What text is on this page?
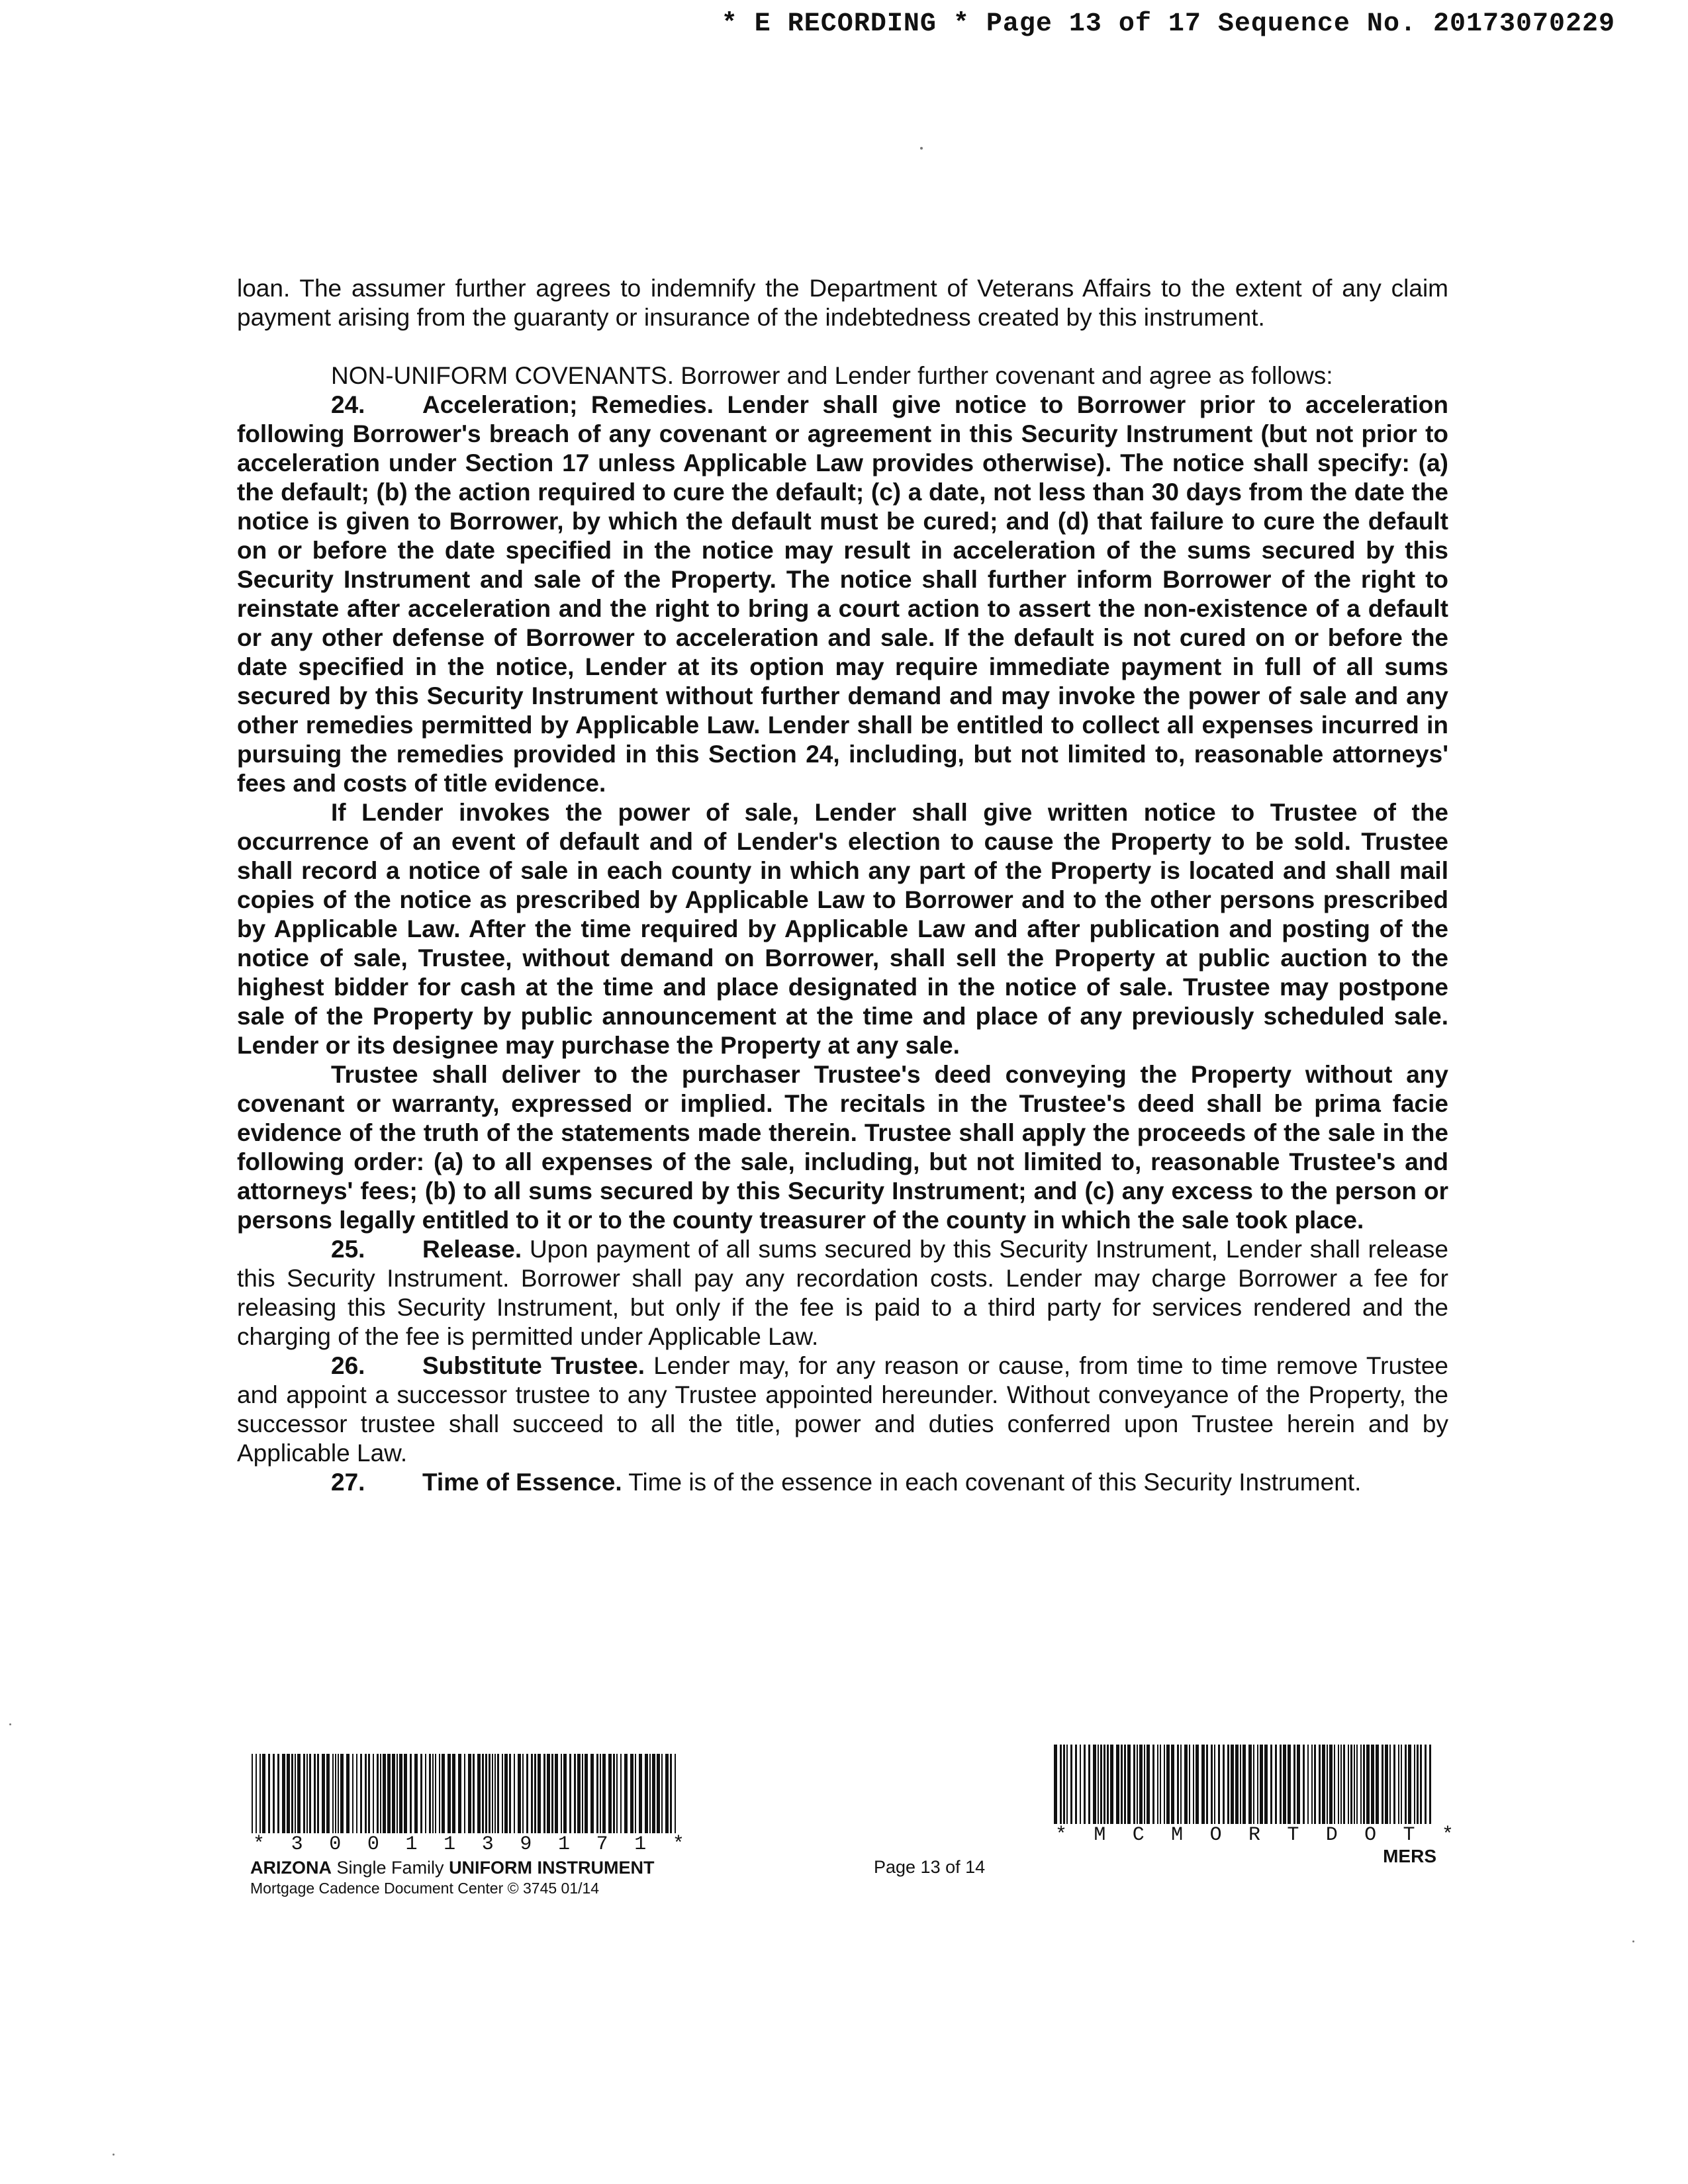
* E RECORDING * Page 13 of 17 Sequence No. 20173070229

loan. The assumer further agrees to indemnify the Department of Veterans Affairs to the extent of any claim payment arising from the guaranty or insurance of the indebtedness created by this instrument.

NON-UNIFORM COVENANTS. Borrower and Lender further covenant and agree as follows:

24. Acceleration; Remedies. Lender shall give notice to Borrower prior to acceleration following Borrower's breach of any covenant or agreement in this Security Instrument (but not prior to acceleration under Section 17 unless Applicable Law provides otherwise). The notice shall specify: (a) the default; (b) the action required to cure the default; (c) a date, not less than 30 days from the date the notice is given to Borrower, by which the default must be cured; and (d) that failure to cure the default on or before the date specified in the notice may result in acceleration of the sums secured by this Security Instrument and sale of the Property. The notice shall further inform Borrower of the right to reinstate after acceleration and the right to bring a court action to assert the non-existence of a default or any other defense of Borrower to acceleration and sale. If the default is not cured on or before the date specified in the notice, Lender at its option may require immediate payment in full of all sums secured by this Security Instrument without further demand and may invoke the power of sale and any other remedies permitted by Applicable Law. Lender shall be entitled to collect all expenses incurred in pursuing the remedies provided in this Section 24, including, but not limited to, reasonable attorneys' fees and costs of title evidence.

If Lender invokes the power of sale, Lender shall give written notice to Trustee of the occurrence of an event of default and of Lender's election to cause the Property to be sold. Trustee shall record a notice of sale in each county in which any part of the Property is located and shall mail copies of the notice as prescribed by Applicable Law to Borrower and to the other persons prescribed by Applicable Law. After the time required by Applicable Law and after publication and posting of the notice of sale, Trustee, without demand on Borrower, shall sell the Property at public auction to the highest bidder for cash at the time and place designated in the notice of sale. Trustee may postpone sale of the Property by public announcement at the time and place of any previously scheduled sale. Lender or its designee may purchase the Property at any sale.

Trustee shall deliver to the purchaser Trustee's deed conveying the Property without any covenant or warranty, expressed or implied. The recitals in the Trustee's deed shall be prima facie evidence of the truth of the statements made therein. Trustee shall apply the proceeds of the sale in the following order: (a) to all expenses of the sale, including, but not limited to, reasonable Trustee's and attorneys' fees; (b) to all sums secured by this Security Instrument; and (c) any excess to the person or persons legally entitled to it or to the county treasurer of the county in which the sale took place.

25. Release. Upon payment of all sums secured by this Security Instrument, Lender shall release this Security Instrument. Borrower shall pay any recordation costs. Lender may charge Borrower a fee for releasing this Security Instrument, but only if the fee is paid to a third party for services rendered and the charging of the fee is permitted under Applicable Law.

26. Substitute Trustee. Lender may, for any reason or cause, from time to time remove Trustee and appoint a successor trustee to any Trustee appointed hereunder. Without conveyance of the Property, the successor trustee shall succeed to all the title, power and duties conferred upon Trustee herein and by Applicable Law.

27. Time of Essence. Time is of the essence in each covenant of this Security Instrument.

* 3 0 0 1 1 3 9 1 7 1 *
ARIZONA Single Family UNIFORM INSTRUMENT
Mortgage Cadence Document Center © 3745 01/14
Page 13 of 14
* M C M O R T D O T *
MERS
